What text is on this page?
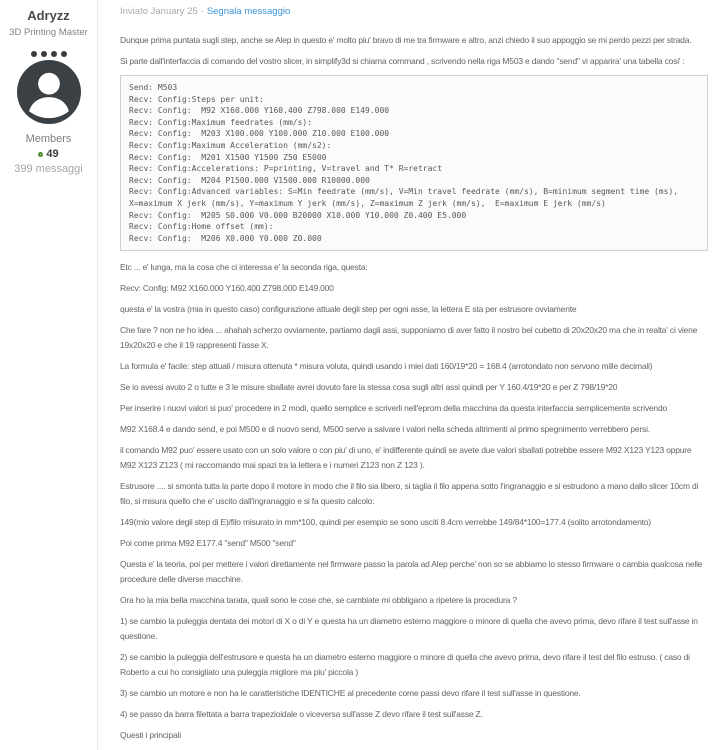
Adryzz
3D Printing Master
Members
49
399 messaggi
Inviato January 25 · Segnala messaggio

Dunque prima puntata sugli step, anche se Alep in questo e' molto piu' bravo di me tra firmware e altro, anzi chiedo il suo appoggio se mi perdo pezzi per strada.

Si parte dall'interfaccia di comando del vostro slicer, in simplify3d si chiama command , scrivendo nella riga M503 e dando "send" vi apparira' una tabella cosi' :

Send: M503
Recv: Config:Steps per unit:
Recv: Config:  M92 X160.000 Y160.400 Z798.000 E149.000
Recv: Config:Maximum feedrates (mm/s):
Recv: Config:  M203 X100.000 Y100.000 Z10.000 E100.000
Recv: Config:Maximum Acceleration (mm/s2):
Recv: Config:  M201 X1500 Y1500 Z50 E5000
Recv: Config:Accelerations: P=printing, V=travel and T* R=retract
Recv: Config:  M204 P1500.000 V1500.000 R10000.000
Recv: Config:Advanced variables: S=Min feedrate (mm/s), V=Min travel feedrate (mm/s), B=minimum segment time (ms), X=maximum X jerk (mm/s), Y=maximum Y jerk (mm/s), Z=maximum Z jerk (mm/s),  E=maximum E jerk (mm/s)
Recv: Config:  M205 S0.000 V0.000 B20000 X10.000 Y10.000 Z0.400 E5.000
Recv: Config:Home offset (mm):
Recv: Config:  M206 X0.000 Y0.000 Z0.000

Etc ... e' lunga, ma la cosa che ci interessa e' la seconda riga, questa:

Recv: Config: M92 X160.000 Y160.400 Z798.000 E149.000

questa e' la vostra (mia in questo caso) configurazione attuale degli step per ogni asse, la lettera E sta per estrusore ovviamente

Che fare ? non ne ho idea ... ahahah scherzo ovviamente, partiamo dagli assi, supponiamo di aver fatto il nostro bel cubetto di 20x20x20 ma che in realta' ci viene 19x20x20 e che il 19 rappresenti l'asse X.

La formula e' facile: step attuali / misura ottenuta * misura voluta, quindi usando i miei dati 160/19*20 = 168.4 (arrotondato non servono mille decimali)

Se io avessi avuto 2 o tutte e 3 le misure sballate avrei dovuto fare la stessa cosa sugli altri assi quindi per Y 160.4/19*20 e per Z 798/19*20

Per inserire i nuovi valori si puo' procedere in 2 modi, quello semplice e scriverli nell'eprom della macchina da questa interfaccia semplicemente scrivendo

M92 X168.4 e dando send, e poi M500 e di nuovo send, M500 serve a salvare i valori nella scheda altrimenti al primo spegnimento verrebbero persi.

il comando M92 puo' essere usato con un solo valore o con piu' di uno, e' indifferente quindi se avete due valori sballati potrebbe essere M92 X123 Y123 oppure M92 X123 Z123 ( mi raccomando mai spazi tra la lettera e i numeri Z123 non Z 123 ).

Estrusore .... si smonta tutta la parte dopo il motore in modo che il filo sia libero, si taglia il filo appena sotto l'ingranaggio e si estrudono a mano dallo slicer 10cm di filo, si misura quello che e' uscito dall'ingranaggio e si fa questo calcolo:

149(mio valore degli step di E)/filo misurato in mm*100, quindi per esempio se sono usciti 8.4cm verrebbe 149/84*100=177.4 (solito arrotondamento)

Poi come prima M92 E177.4 "send" M500 "send"

Questa e' la teoria, poi per mettere i valori direttamente nel firmware passo la parola ad Alep perche' non so se abbiamo lo stesso firmware o cambia qualcosa nelle procedure delle diverse macchine.

Ora ho la mia bella macchina tarata, quali sono le cose che, se cambiate mi obbligano a ripetere la procedura ?

1) se cambio la puleggia dentata dei motori di X o di Y e questa ha un diametro esterno maggiore o minore di quella che avevo prima, devo rifare il test sull'asse in questione.

2) se cambio la puleggia dell'estrusore e questa ha un diametro esterno maggiore o minore di quella che avevo prima, devo rifare il test del filo estruso. ( caso di Roberto a cui ho consigliato una puleggia migliore ma piu' piccola )

3) se cambio un motore e non ha le caratteristiche IDENTICHE al precedente come passi devo rifare il test sull'asse in questione.

4) se passo da barra filettata a barra trapezioidale o viceversa sull'asse Z devo rifare il test sull'asse Z.

Questi i principali
